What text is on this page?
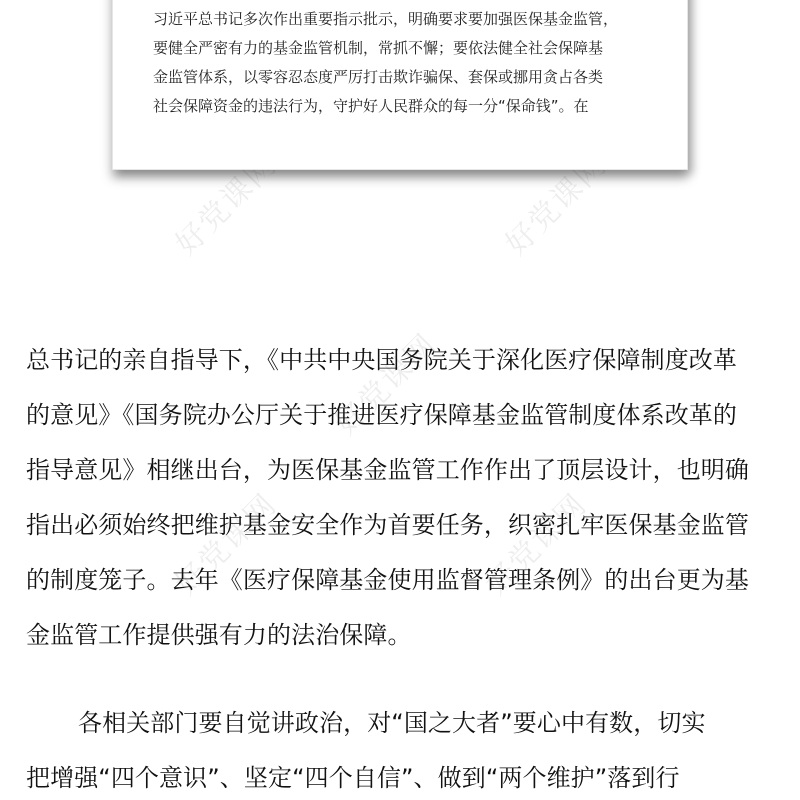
好党课网	好党课网
好党课网
好党课网	好党课网
习近平总书记多次作出重要指示批示，明确要求要加强医保基金监管，
要健全严密有力的基金监管机制，常抓不懈；要依法健全社会保障基
金监管体系，以零容忍态度严厉打击欺诈骗保、套保或挪用贪占各类
社会保障资金的违法行为，守护好人民群众的每一分“保命钱”。在
总书记的亲自指导下，《中共中央国务院关于深化医疗保障制度改革
的意见》《国务院办公厅关于推进医疗保障基金监管制度体系改革的
指导意见》相继出台，为医保基金监管工作作出了顶层设计，也明确
指出必须始终把维护基金安全作为首要任务，织密扎牢医保基金监管
的制度笼子。去年《医疗保障基金使用监督管理条例》的出台更为基
金监管工作提供强有力的法治保障。
各相关部门要自觉讲政治，对“国之大者”要心中有数，切实
把增强“四个意识”、坚定“四个自信”、做到“两个维护”落到行
